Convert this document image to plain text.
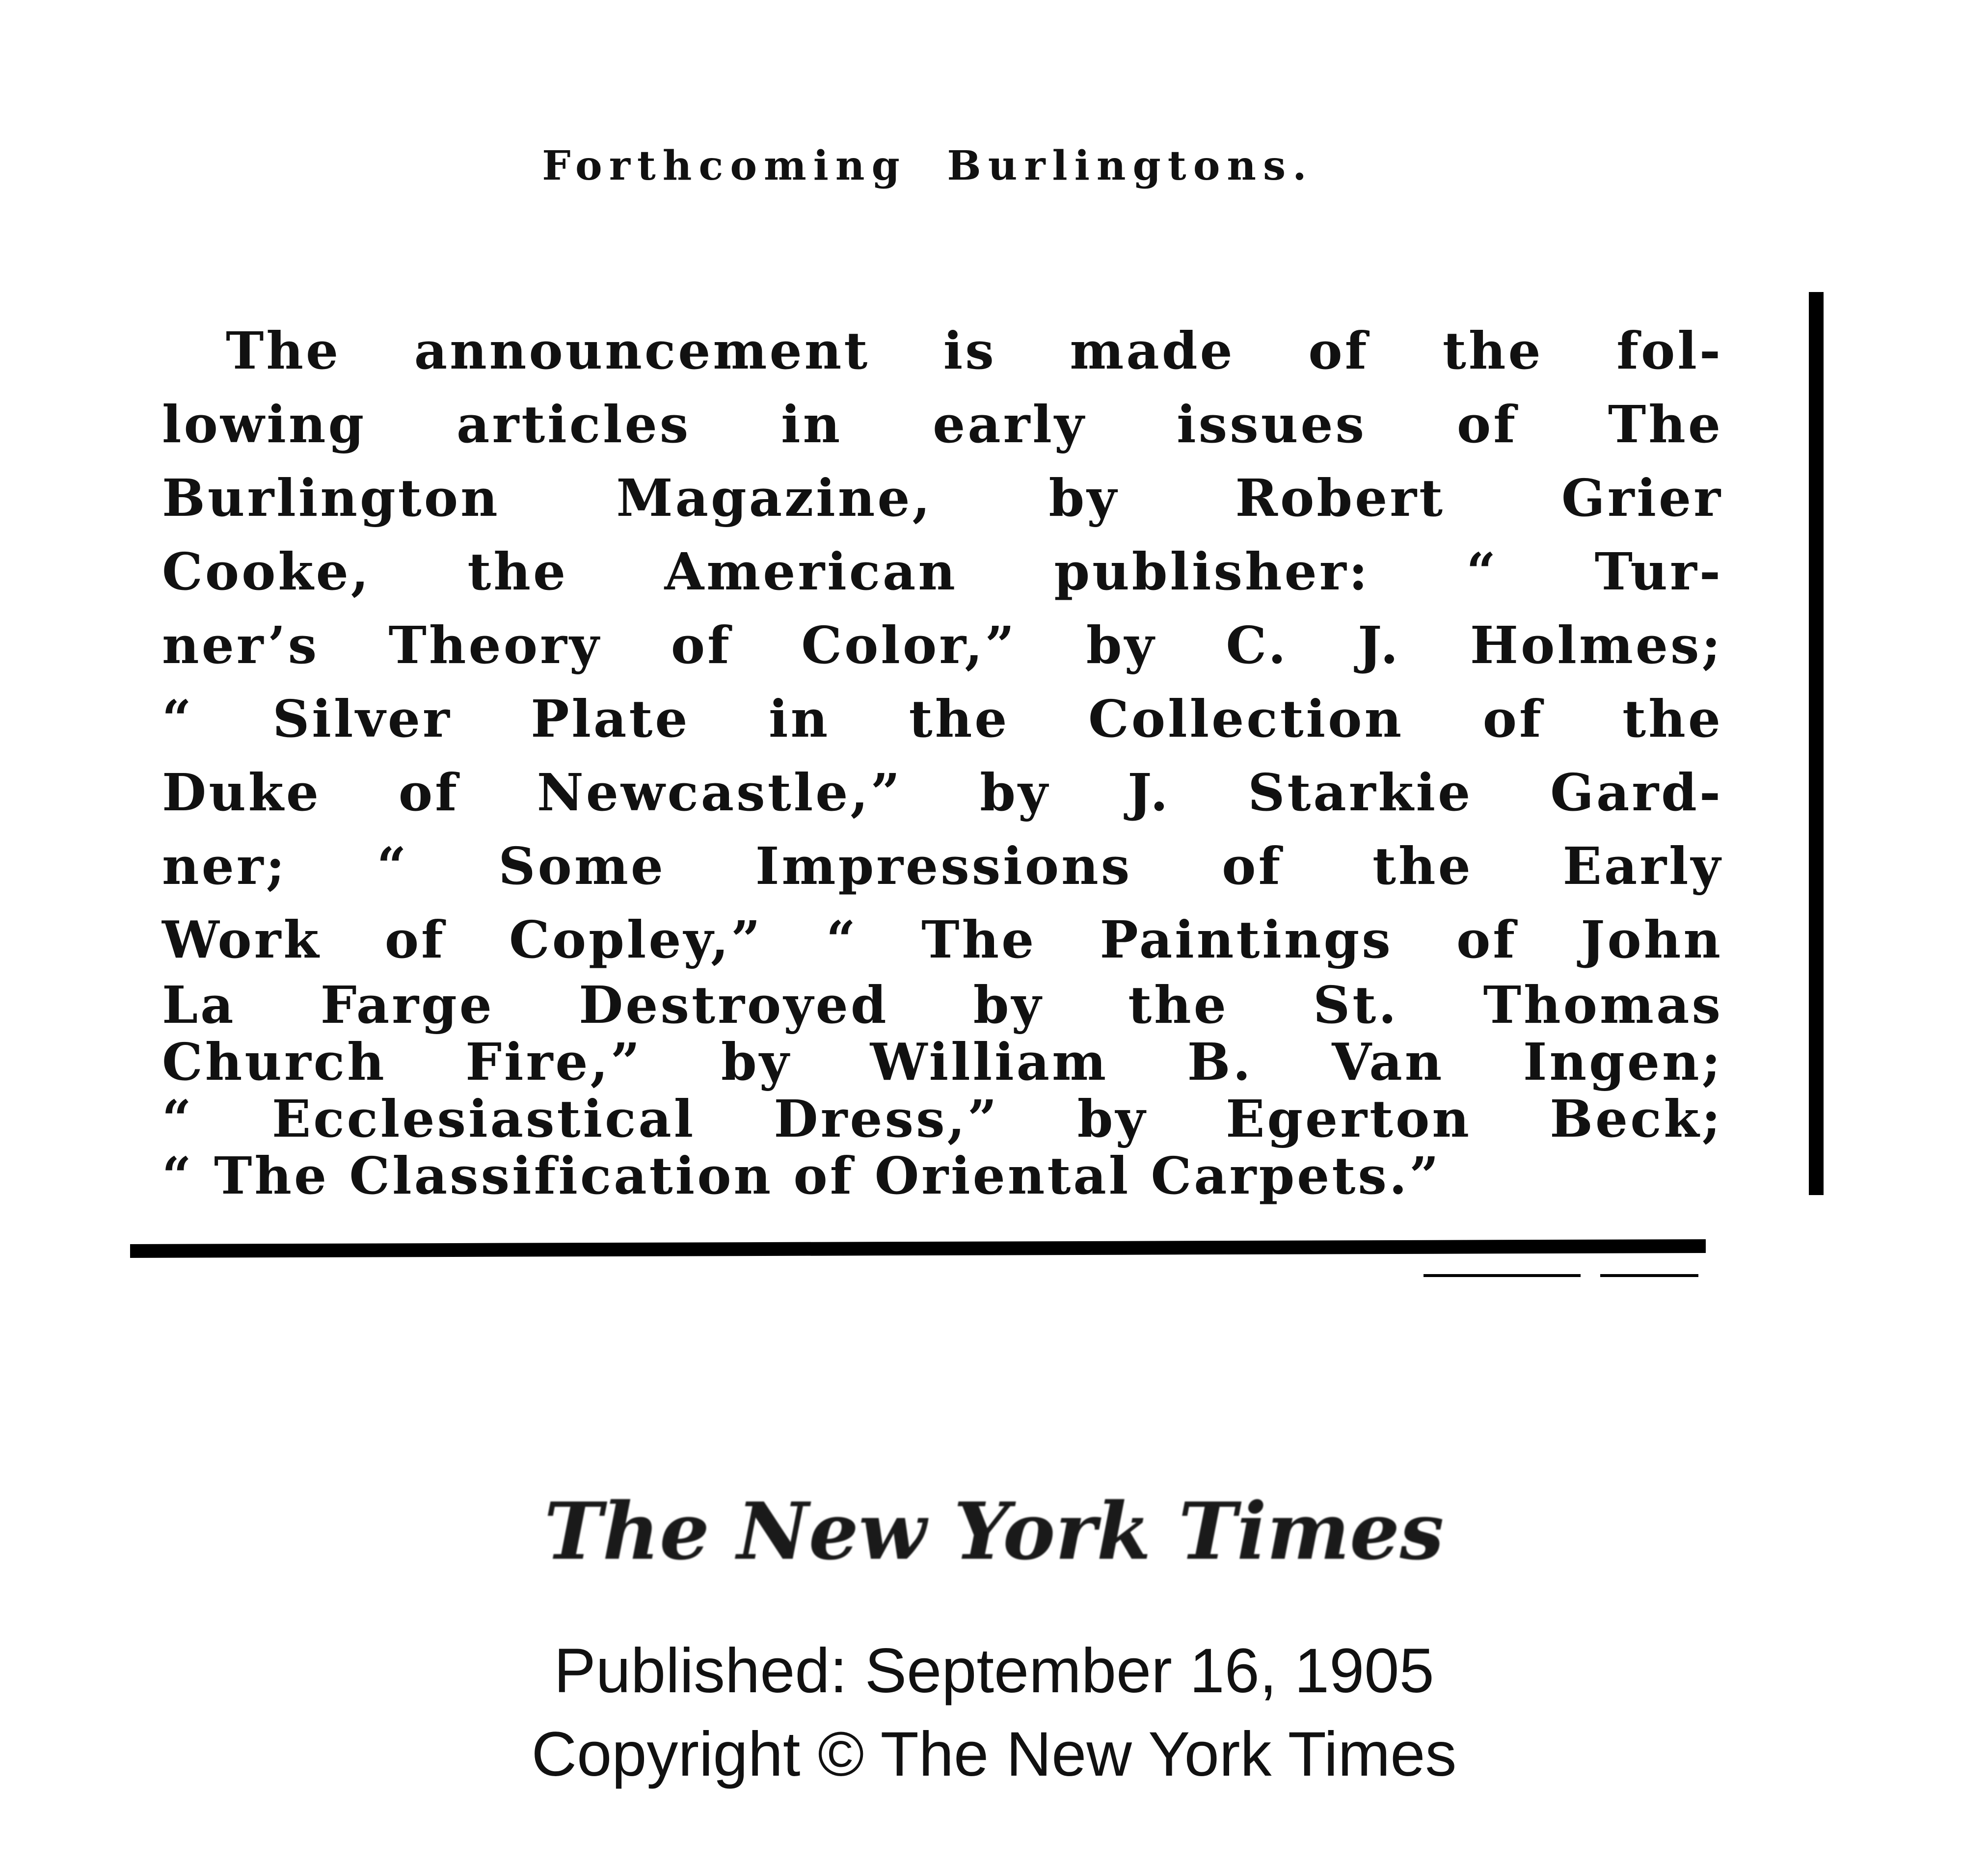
Forthcoming Burlingtons.
The announcement is made of the fol-
lowing articles in early issues of The
Burlington Magazine, by Robert Grier
Cooke, the American publisher: “ Tur-
ner’s Theory of Color,” by C. J. Holmes;
“ Silver Plate in the Collection of the
Duke of Newcastle,” by J. Starkie Gard-
ner; “ Some Impressions of the Early
Work of Copley,” “ The Paintings of John
La Farge Destroyed by the St. Thomas
Church Fire,” by William B. Van Ingen;
“ Ecclesiastical Dress,” by Egerton Beck;
“ The Classification of Oriental Carpets.”
The New York Times
Published: September 16, 1905
Copyright © The New York Times
